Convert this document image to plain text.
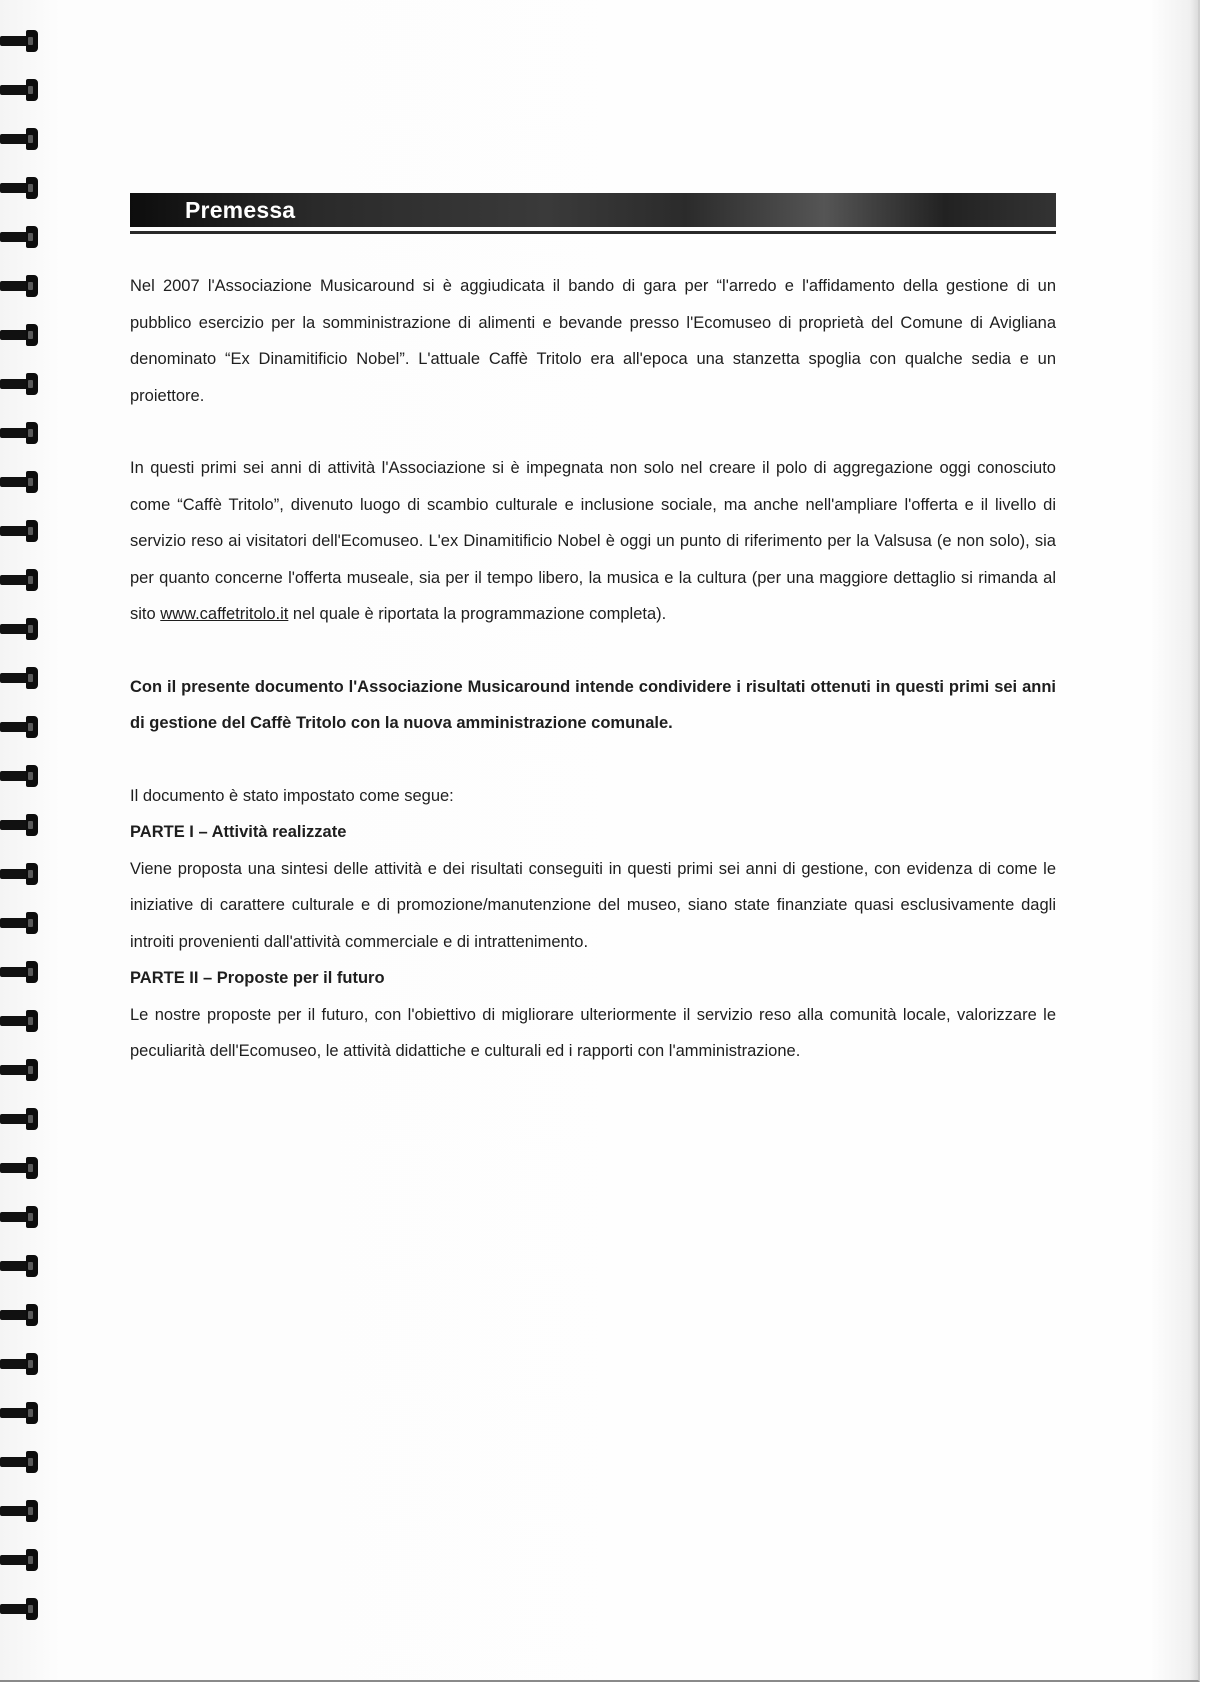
Premessa

Nel 2007 l'Associazione Musicaround si è aggiudicata il bando di gara per “l'arredo e l'affidamento della gestione di un pubblico esercizio per la somministrazione di alimenti e bevande presso l'Ecomuseo di proprietà del Comune di Avigliana denominato “Ex Dinamitificio Nobel”. L'attuale Caffè Tritolo era all'epoca una stanzetta spoglia con qualche sedia e un proiettore.

In questi primi sei anni di attività l'Associazione si è impegnata non solo nel creare il polo di aggregazione oggi conosciuto come “Caffè Tritolo”, divenuto luogo di scambio culturale e inclusione sociale, ma anche nell'ampliare l'offerta e il livello di servizio reso ai visitatori dell'Ecomuseo. L'ex Dinamitificio Nobel è oggi un punto di riferimento per la Valsusa (e non solo), sia per quanto concerne l'offerta museale, sia per il tempo libero, la musica e la cultura (per una maggiore dettaglio si rimanda al sito www.caffetritolo.it nel quale è riportata la programmazione completa).

Con il presente documento l'Associazione Musicaround intende condividere i risultati ottenuti in questi primi sei anni di gestione del Caffè Tritolo con la nuova amministrazione comunale.

Il documento è stato impostato come segue:

PARTE I – Attività realizzate

Viene proposta una sintesi delle attività e dei risultati conseguiti in questi primi sei anni di gestione, con evidenza di come le iniziative di carattere culturale e di promozione/manutenzione del museo, siano state finanziate quasi esclusivamente dagli introiti provenienti dall'attività commerciale e di intrattenimento.

PARTE II – Proposte per il futuro

Le nostre proposte per il futuro, con l'obiettivo di migliorare ulteriormente il servizio reso alla comunità locale, valorizzare le peculiarità dell'Ecomuseo, le attività didattiche e culturali ed i rapporti con l'amministrazione.
